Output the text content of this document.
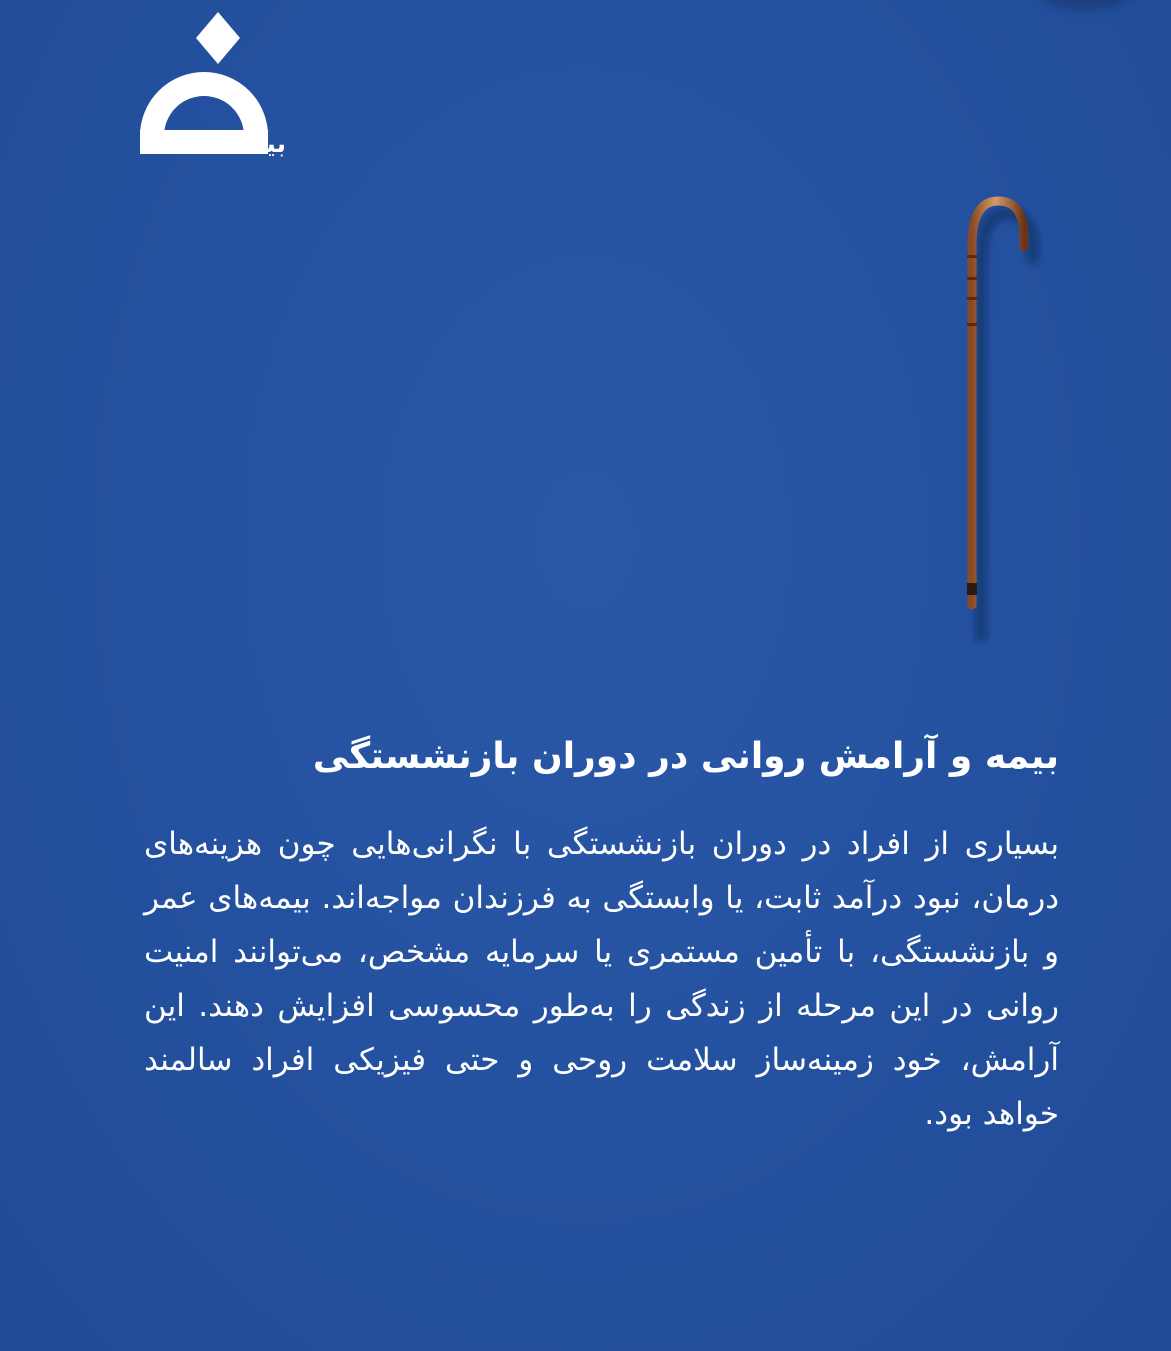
بیمه دانا
بیمه و آرامش روانی در دوران بازنشستگی

بسیاری از افراد در دوران بازنشستگی با نگرانی‌هایی چون هزینه‌های درمان، نبود درآمد ثابت، یا وابستگی به فرزندان مواجه‌اند. بیمه‌های عمر و بازنشستگی، با تأمین مستمری یا سرمایه مشخص، می‌توانند امنیت روانی در این مرحله از زندگی را به‌طور محسوسی افزایش دهند. این آرامش، خود زمینه‌ساز سلامت روحی و حتی فیزیکی افراد سالمند خواهد بود.
